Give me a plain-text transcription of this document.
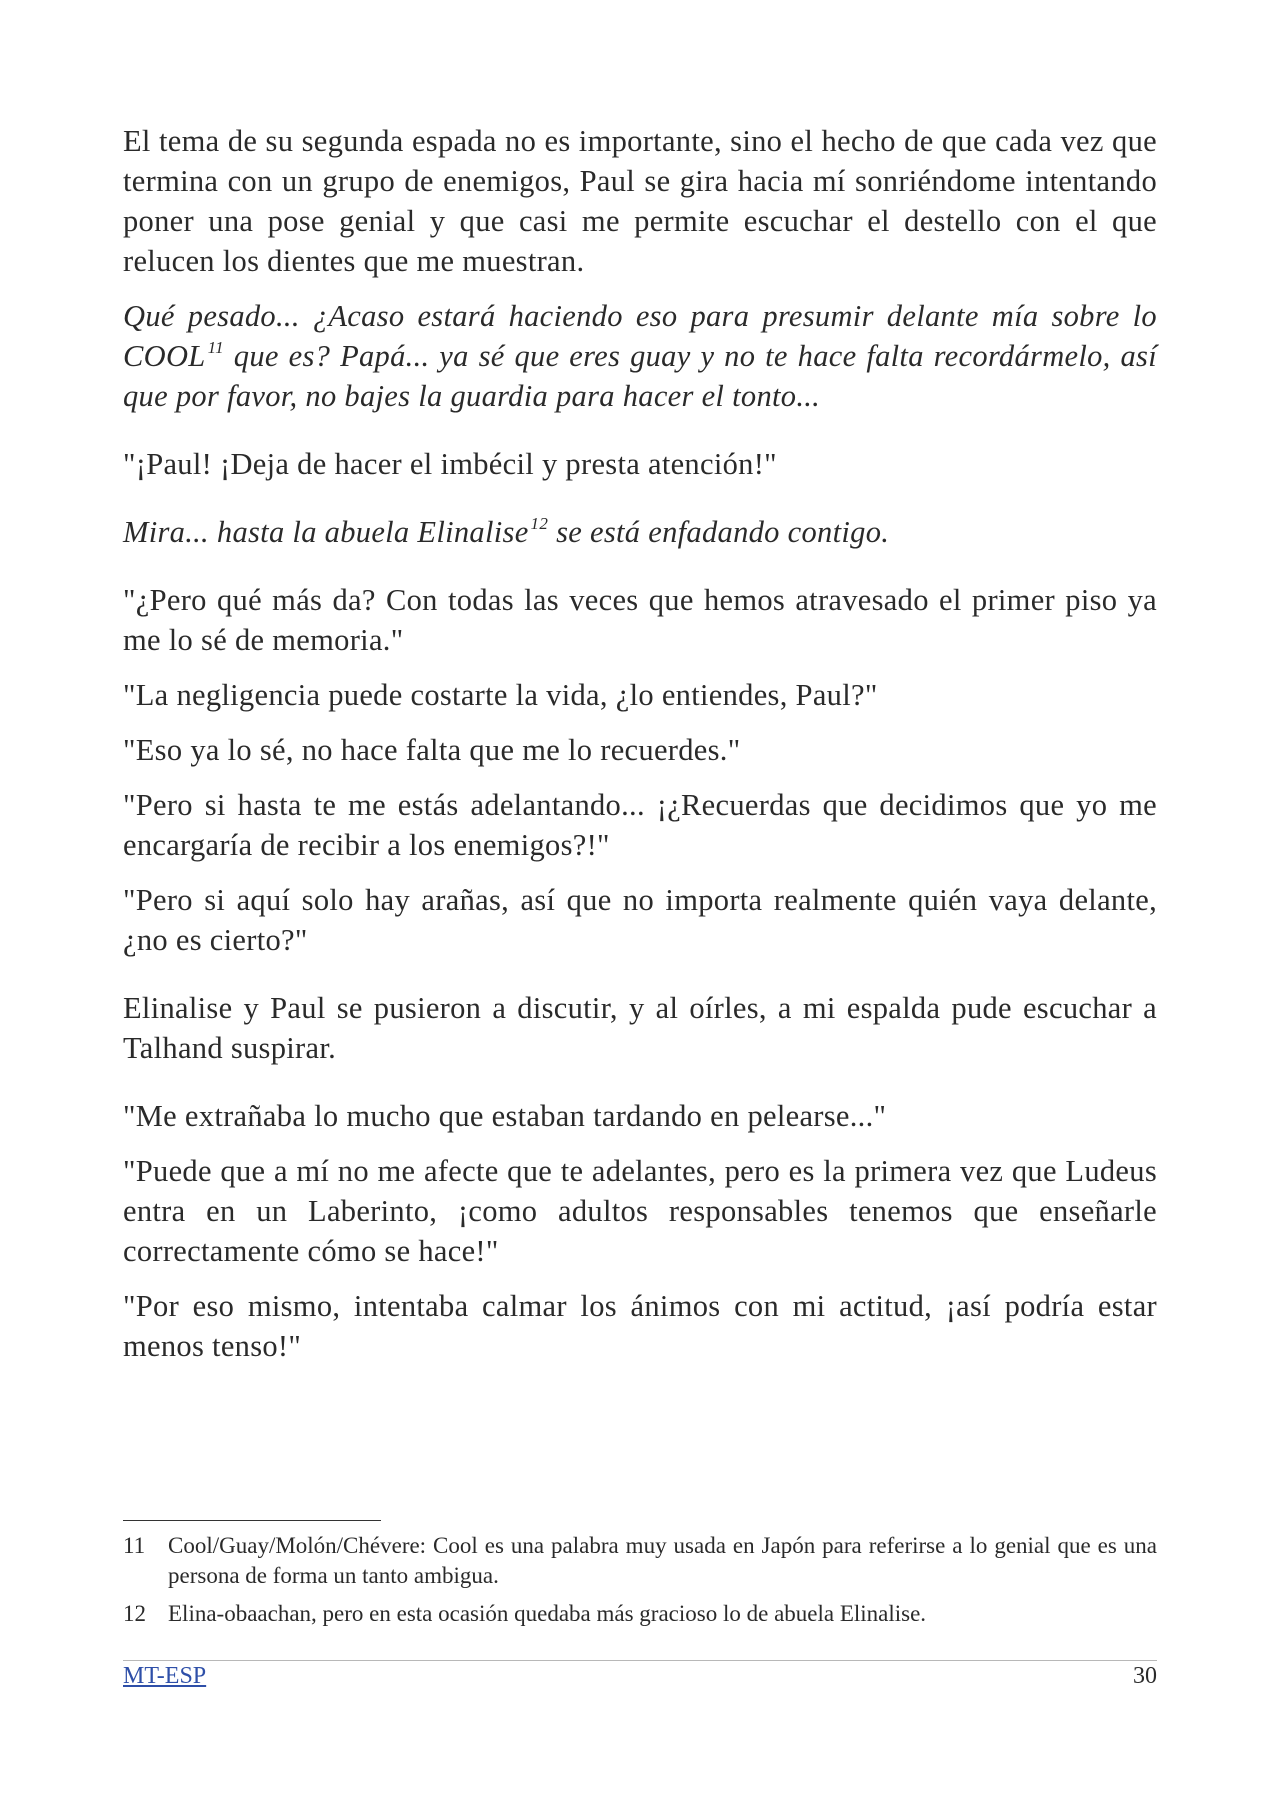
El tema de su segunda espada no es importante, sino el hecho de que cada vez que termina con un grupo de enemigos, Paul se gira hacia mí sonriéndome intentando poner una pose genial y que casi me permite escuchar el destello con el que relucen los dientes que me muestran.

Qué pesado... ¿Acaso estará haciendo eso para presumir delante mía sobre lo COOL $^{11}$ que es? Papá... ya sé que eres guay y no te hace falta recordármelo, así que por favor, no bajes la guardia para hacer el tonto...

"¡Paul! ¡Deja de hacer el imbécil y presta atención!"

Mira... hasta la abuela Elinalise $^{12}$ se está enfadando contigo.

"¿Pero qué más da? Con todas las veces que hemos atravesado el primer piso ya me lo sé de memoria."

"La negligencia puede costarte la vida, ¿lo entiendes, Paul?"

"Eso ya lo sé, no hace falta que me lo recuerdes."

"Pero si hasta te me estás adelantando... ¡¿Recuerdas que decidimos que yo me encargaría de recibir a los enemigos?!"

"Pero si aquí solo hay arañas, así que no importa realmente quién vaya delante, ¿no es cierto?"

Elinalise y Paul se pusieron a discutir, y al oírles, a mi espalda pude escuchar a Talhand suspirar.

"Me extrañaba lo mucho que estaban tardando en pelearse..."

"Puede que a mí no me afecte que te adelantes, pero es la primera vez que Ludeus entra en un Laberinto, ¡como adultos responsables tenemos que enseñarle correctamente cómo se hace!"

"Por eso mismo, intentaba calmar los ánimos con mi actitud, ¡así podría estar menos tenso!"

11 Cool/Guay/Molón/Chévere: Cool es una palabra muy usada en Japón para referirse a lo genial que es una persona de forma un tanto ambigua.
12 Elina-obaachan, pero en esta ocasión quedaba más gracioso lo de abuela Elinalise.
MT-ESP	30
